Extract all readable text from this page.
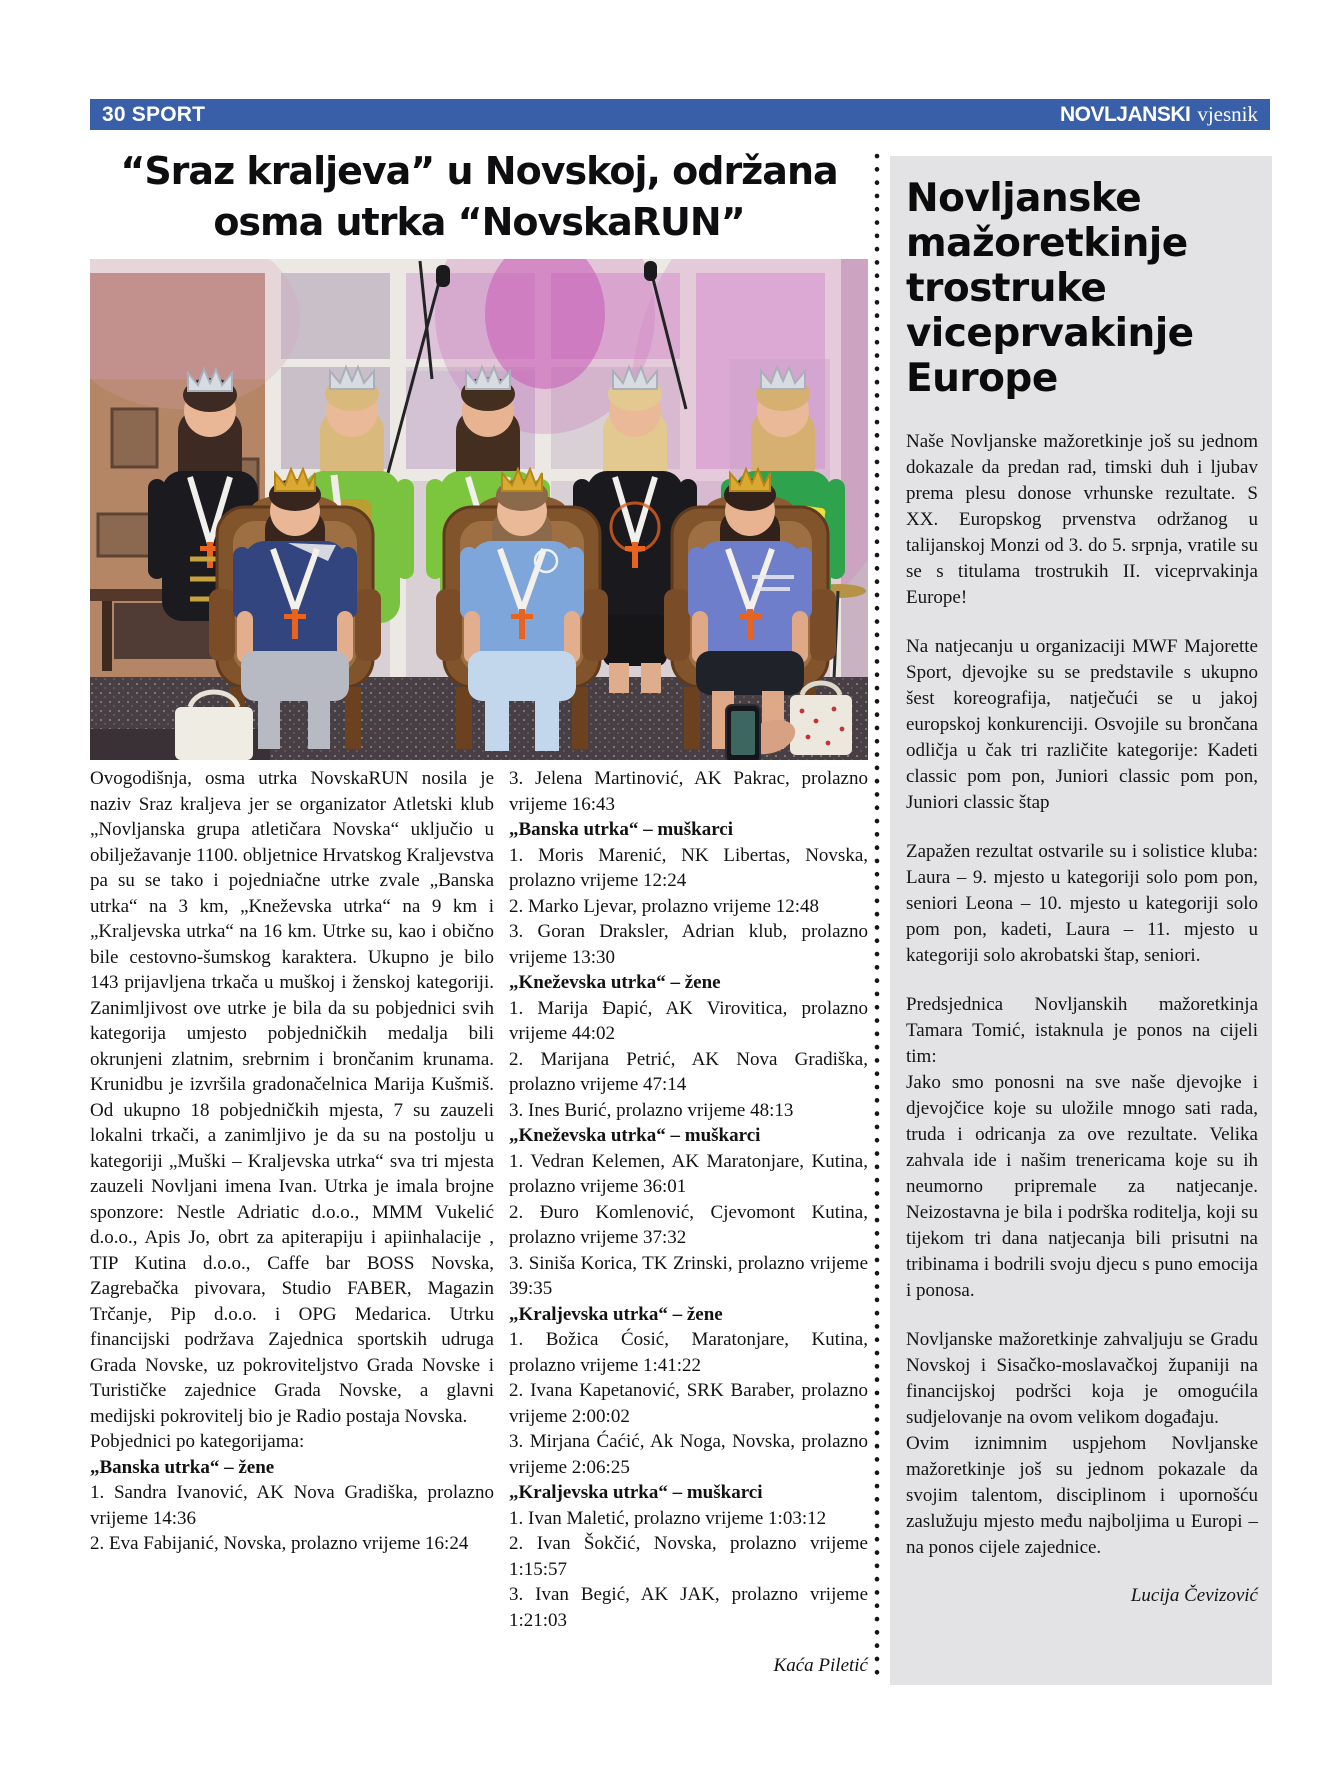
30 SPORT	NOVLJANSKI vjesnik
“Sraz kraljeva” u Novskoj, održana
osma utrka “NovskaRUN”
Ovogodišnja, osma utrka NovskaRUN nosila je naziv Sraz kraljeva jer se organizator Atletski klub „Novljanska grupa atletičara Novska“ uključio u obilježavanje 1100. obljetnice Hrvatskog Kraljevstva pa su se tako i pojedniačne utrke zvale „Banska utrka“ na 3 km, „Kneževska utrka“ na 9 km i „Kraljevska utrka“ na 16 km. Utrke su, kao i obično bile cestovno-šumskog karaktera. Ukupno je bilo 143 prijavljena trkača u muškoj i ženskoj kategoriji. Zanimljivost ove utrke je bila da su pobjednici svih kategorija umjesto pobjedničkih medalja bili okrunjeni zlatnim, srebrnim i brončanim krunama. Krunidbu je izvršila gradonačelnica Marija Kušmiš. Od ukupno 18 pobjedničkih mjesta, 7 su zauzeli lokalni trkači, a zanimljivo je da su na postolju u kategoriji „Muški – Kraljevska utrka“ sva tri mjesta zauzeli Novljani imena Ivan. Utrka je imala brojne sponzore: Nestle Adriatic d.o.o., MMM Vukelić d.o.o., Apis Jo, obrt za apiterapiju i apiinhalacije , TIP Kutina d.o.o., Caffe bar BOSS Novska, Zagrebačka pivovara, Studio FABER, Magazin Trčanje, Pip d.o.o. i OPG Medarica. Utrku financijski podržava Zajednica sportskih udruga Grada Novske, uz pokroviteljstvo Grada Novske i Turističke zajednice Grada Novske, a glavni medijski pokrovitelj bio je Radio postaja Novska.
Pobjednici po kategorijama:
„Banska utrka“ – žene
1. Sandra Ivanović, AK Nova Gradiška, prolazno vrijeme 14:36
2. Eva Fabijanić, Novska, prolazno vrijeme 16:24
3. Jelena Martinović, AK Pakrac, prolazno vrijeme 16:43
„Banska utrka“ – muškarci
1. Moris Marenić, NK Libertas, Novska, prolazno vrijeme 12:24
2. Marko Ljevar, prolazno vrijeme 12:48
3. Goran Draksler, Adrian klub, prolazno vrijeme 13:30
„Kneževska utrka“ – žene
1. Marija Đapić, AK Virovitica, prolazno vrijeme 44:02
2. Marijana Petrić, AK Nova Gradiška, prolazno vrijeme 47:14
3. Ines Burić, prolazno vrijeme 48:13
„Kneževska utrka“ – muškarci
1. Vedran Kelemen, AK Maratonjare, Kutina, prolazno vrijeme 36:01
2. Đuro Komlenović, Cjevomont Kutina, prolazno vrijeme 37:32
3. Siniša Korica, TK Zrinski, prolazno vrijeme 39:35
„Kraljevska utrka“ – žene
1. Božica Ćosić, Maratonjare, Kutina, prolazno vrijeme 1:41:22
2. Ivana Kapetanović, SRK Baraber, prolazno vrijeme 2:00:02
3. Mirjana Ćaćić, Ak Noga, Novska, prolazno vrijeme 2:06:25
„Kraljevska utrka“ – muškarci
1. Ivan Maletić, prolazno vrijeme 1:03:12
2. Ivan Šokčić, Novska, prolazno vrijeme 1:15:57
3. Ivan Begić, AK JAK, prolazno vrijeme 1:21:03
Kaća Piletić
Novljanske mažoretkinje trostruke viceprvakinje Europe
Naše Novljanske mažoretkinje još su jednom dokazale da predan rad, timski duh i ljubav prema plesu donose vrhunske rezultate. S XX. Europskog prvenstva održanog u talijanskoj Monzi od 3. do 5. srpnja, vratile su se s titulama trostrukih II. viceprvakinja Europe!
Na natjecanju u organizaciji MWF Majorette Sport, djevojke su se predstavile s ukupno šest koreografija, natječući se u jakoj europskoj konkurenciji. Osvojile su brončana odličja u čak tri različite kategorije: Kadeti classic pom pon, Juniori classic pom pon, Juniori classic štap
Zapažen rezultat ostvarile su i solistice kluba: Laura – 9. mjesto u kategoriji solo pom pon, seniori Leona – 10. mjesto u kategoriji solo pom pon, kadeti, Laura – 11. mjesto u kategoriji solo akrobatski štap, seniori.
Predsjednica Novljanskih mažoretkinja Tamara Tomić, istaknula je ponos na cijeli tim:
Jako smo ponosni na sve naše djevojke i djevojčice koje su uložile mnogo sati rada, truda i odricanja za ove rezultate. Velika zahvala ide i našim trenericama koje su ih neumorno pripremale za natjecanje. Neizostavna je bila i podrška roditelja, koji su tijekom tri dana natjecanja bili prisutni na tribinama i bodrili svoju djecu s puno emocija i ponosa.
Novljanske mažoretkinje zahvaljuju se Gradu Novskoj i Sisačko-moslavačkoj županiji na financijskoj podršci koja je omogućila sudjelovanje na ovom velikom događaju.
Ovim iznimnim uspjehom Novljanske mažoretkinje još su jednom pokazale da svojim talentom, disciplinom i upornošću zaslužuju mjesto među najboljima u Europi – na ponos cijele zajednice.
Lucija Čevizović
